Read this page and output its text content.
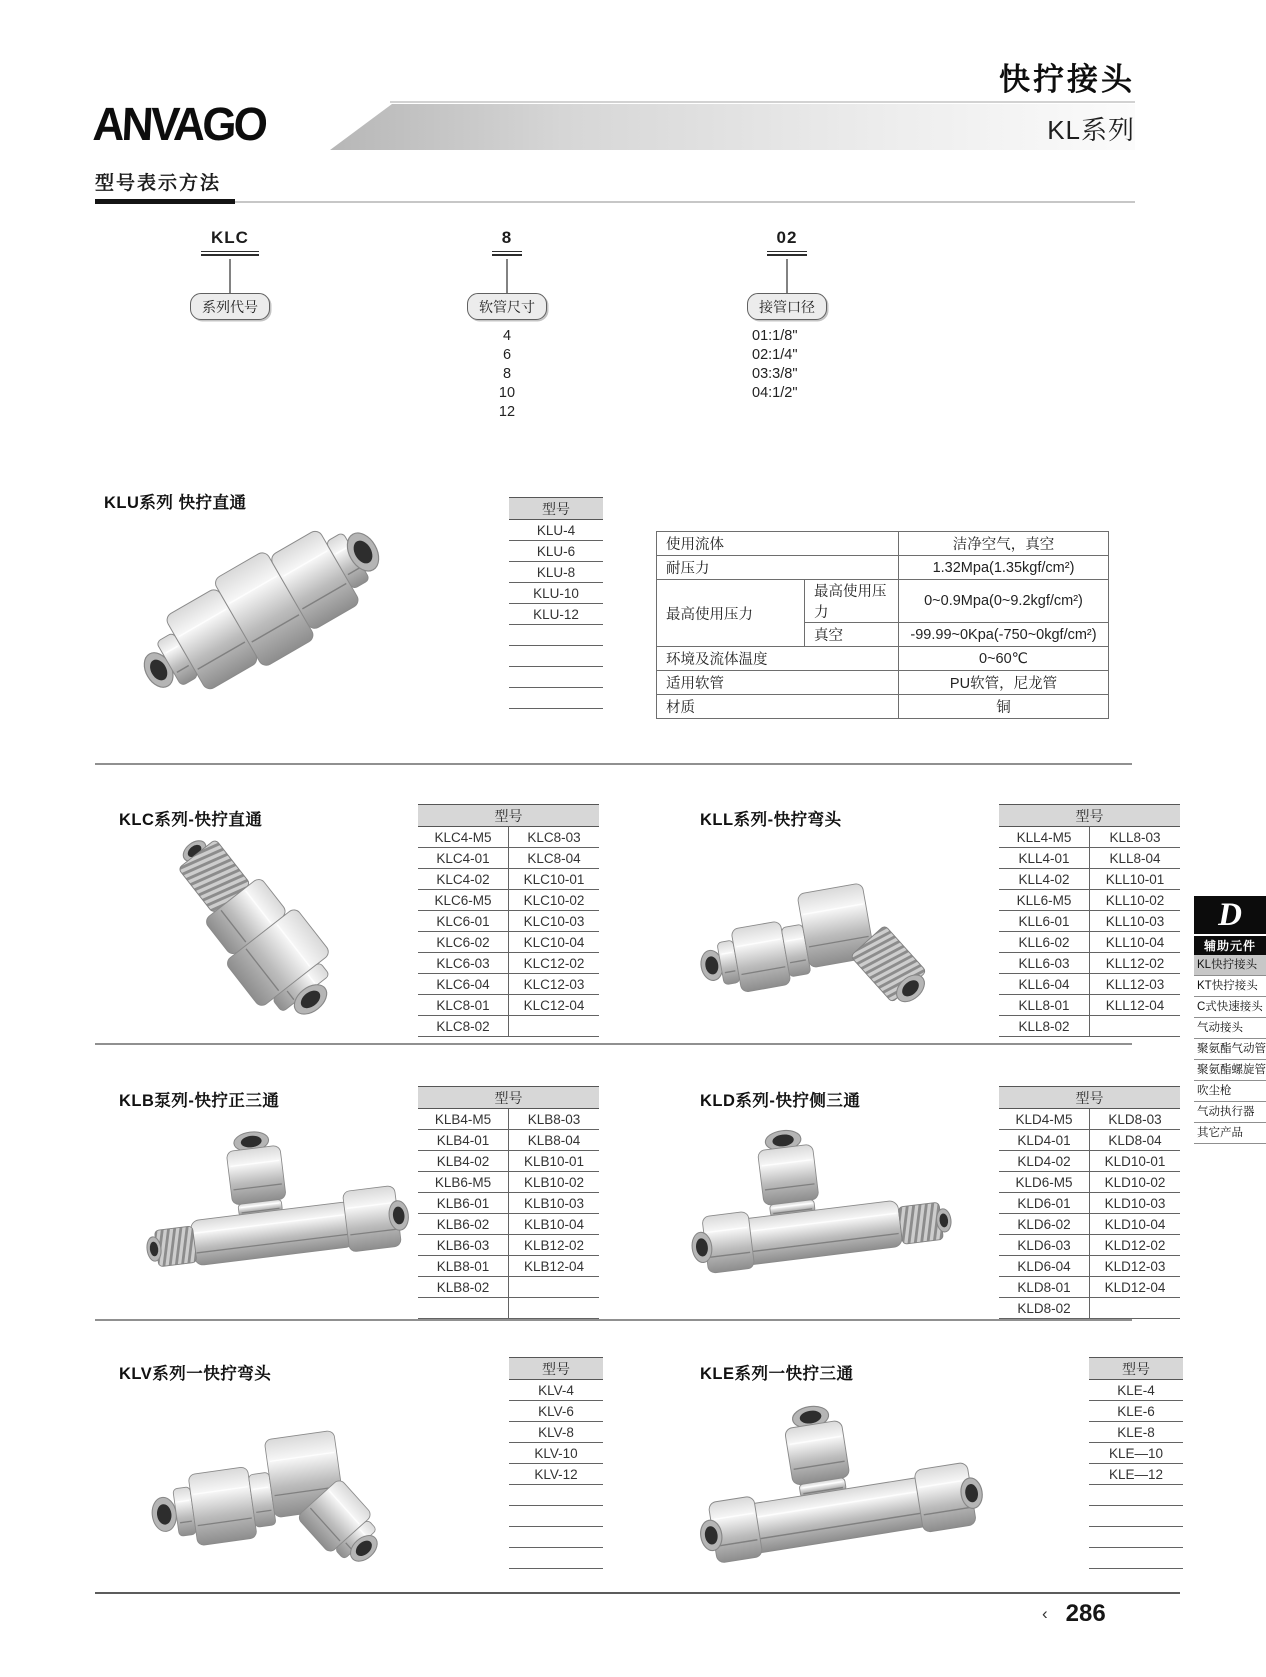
快拧接头
ANVAGO	KL系列
型号表示方法
KLC
系列代号
8
软管尺寸
4
6
8
10
12
02
接管口径
01:1/8"
02:1/4"
03:3/8"
04:1/2"
KLU系列 快拧直通	型号
KLU-4
KLU-6
KLU-8
KLU-10
KLU-12

使用流体		洁净空气，真空
耐压力		1.32Mpa(1.35kgf/cm²)
最高使用压力	最高使用压力	0~0.9Mpa(0~9.2kgf/cm²)
	真空	-99.99~0Kpa(-750~0kgf/cm²)
环境及流体温度		0~60℃
适用软管		PU软管，尼龙管
材质		铜
KLC系列-快拧直通	型号	
KLC4-M5	KLC8-03
KLC4-01	KLC8-04
KLC4-02	KLC10-01
KLC6-M5	KLC10-02
KLC6-01	KLC10-03
KLC6-02	KLC10-04
KLC6-03	KLC12-02
KLC6-04	KLC12-03
KLC8-01	KLC12-04
KLC8-02	
KLL系列-快拧弯头	型号	
KLL4-M5	KLL8-03
KLL4-01	KLL8-04
KLL4-02	KLL10-01
KLL6-M5	KLL10-02
KLL6-01	KLL10-03
KLL6-02	KLL10-04
KLL6-03	KLL12-02
KLL6-04	KLL12-03
KLL8-01	KLL12-04
KLL8-02	
KLB泵列-快拧正三通	型号	
KLB4-M5	KLB8-03
KLB4-01	KLB8-04
KLB4-02	KLB10-01
KLB6-M5	KLB10-02
KLB6-01	KLB10-03
KLB6-02	KLB10-04
KLB6-03	KLB12-02
KLB8-01	KLB12-04
KLB8-02	

KLD系列-快拧侧三通	型号	
KLD4-M5	KLD8-03
KLD4-01	KLD8-04
KLD4-02	KLD10-01
KLD6-M5	KLD10-02
KLD6-01	KLD10-03
KLD6-02	KLD10-04
KLD6-03	KLD12-02
KLD6-04	KLD12-03
KLD8-01	KLD12-04
KLD8-02	
KLV系列一快拧弯头	型号
KLV-4
KLV-6
KLV-8
KLV-10
KLV-12

KLE系列一快拧三通	型号
KLE-4
KLE-6
KLE-8
KLE—10
KLE—12

D
辅助元件
KL快拧接头
KT快拧接头
C式快速接头
气动接头
聚氨酯气动管
聚氨酯螺旋管
吹尘枪
气动执行器
其它产品
‹ 286
